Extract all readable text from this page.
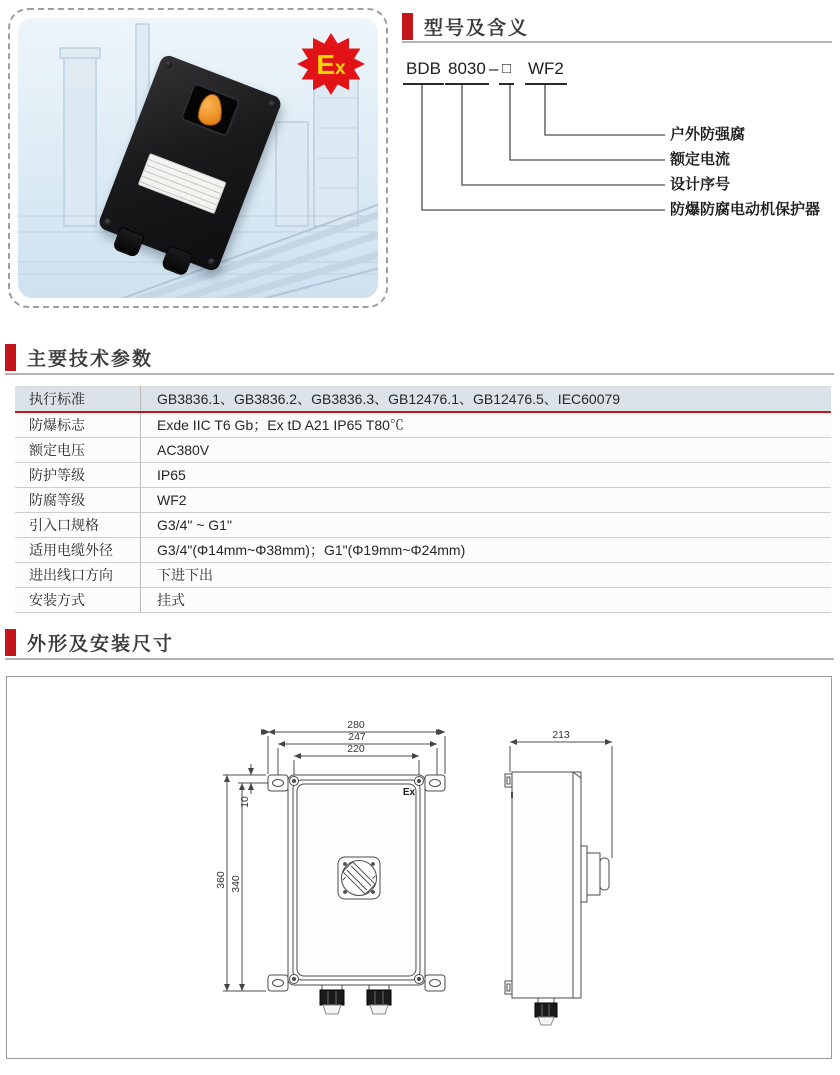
Ex
型号及含义
BDB 8030 – □ WF2
户外防强腐
额定电流
设计序号
防爆防腐电动机保护器
主要技术参数
执行标准	GB3836.1、GB3836.2、GB3836.3、GB12476.1、GB12476.5、IEC60079
防爆标志	Exde IIC T6 Gb；Ex tD A21 IP65 T80℃
额定电压	AC380V
防护等级	IP65
防腐等级	WF2
引入口规格	G3/4" ~ G1"
适用电缆外径	G3/4"(Φ14mm~Φ38mm)；G1"(Φ19mm~Φ24mm)
进出线口方向	下进下出
安装方式	挂式
外形及安装尺寸
280
247
220
360 340
10
Ex
213
